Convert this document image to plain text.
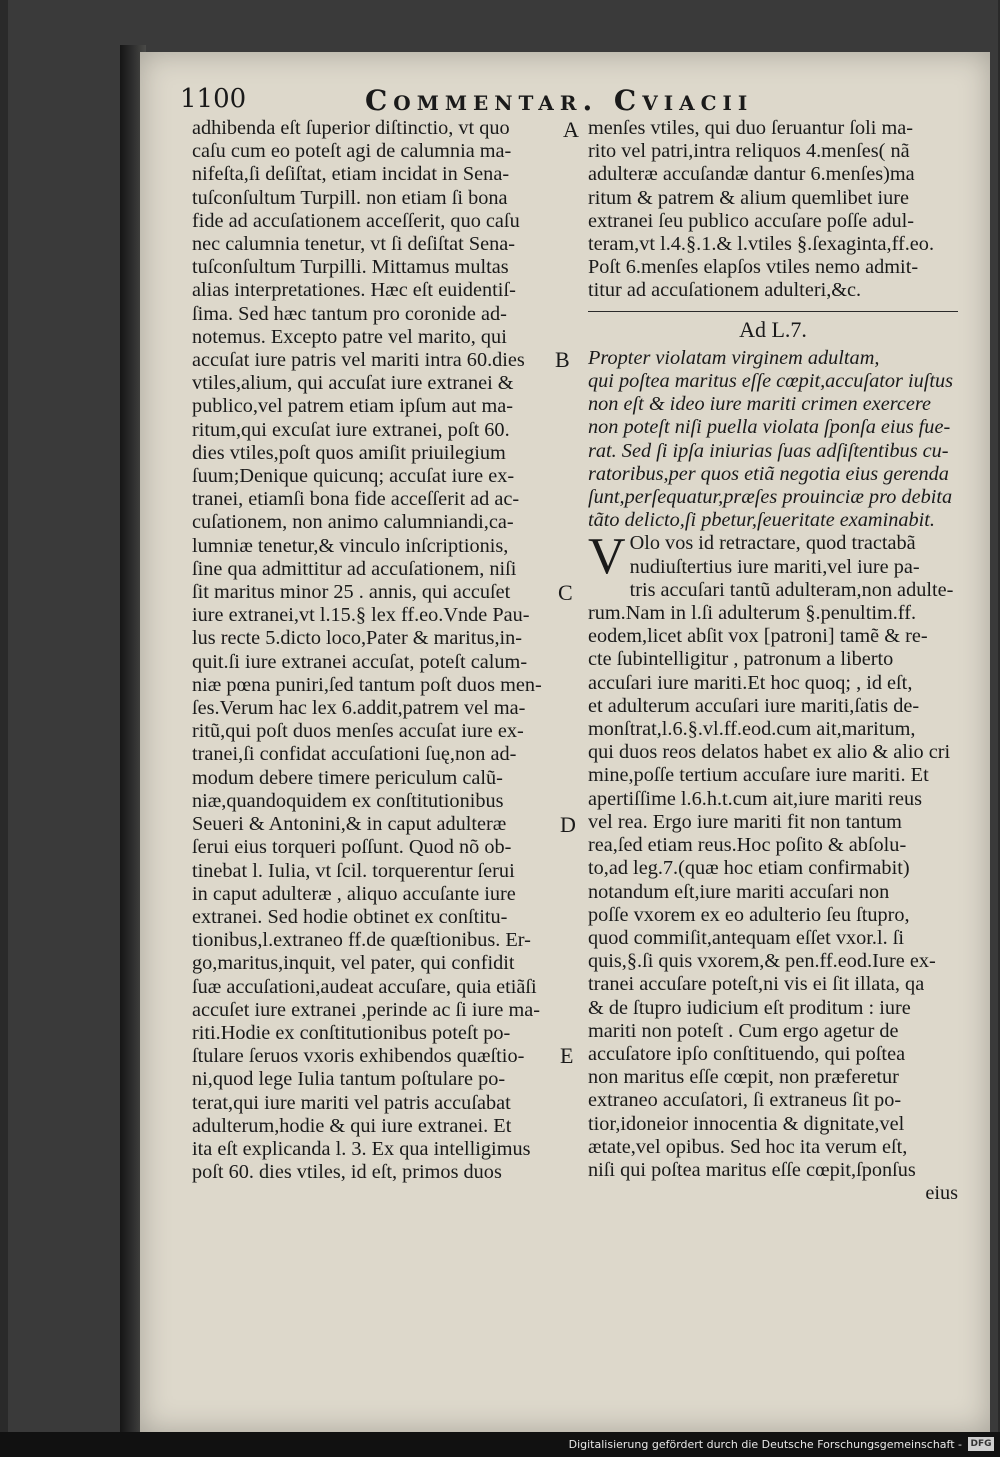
1100	Commentar. Cviacii

adhibenda eſt ſuperior diſtinctio, vt quo

caſu cum eo poteſt agi de calumnia ma-

nifeſta,ſi deſiſtat, etiam incidat in Sena-

tuſconſultum Turpill. non etiam ſi bona

fide ad accuſationem acceſſerit, quo caſu

nec calumnia tenetur, vt ſi deſiſtat Sena-

tuſconſultum Turpilli. Mittamus multas

alias interpretationes. Hæc eſt euidentiſ-

ſima. Sed hæc tantum pro coronide ad-

notemus. Excepto patre vel marito, qui

accuſat iure patris vel mariti intra 60.dies

vtiles,alium, qui accuſat iure extranei &

publico,vel patrem etiam ipſum aut ma-

ritum,qui excuſat iure extranei, poſt 60.

dies vtiles,poſt quos amiſit priuilegium

ſuum;Denique quicunq; accuſat iure ex-

tranei, etiamſi bona fide acceſſerit ad ac-

cuſationem, non animo calumniandi,ca-

lumniæ tenetur,& vinculo inſcriptionis,

ſine qua admittitur ad accuſationem, niſi

ſit maritus minor 25 . annis, qui accuſet

iure extranei,vt l.15.§ lex ff.eo.Vnde Pau-

lus recte 5.dicto loco,Pater & maritus,in-

quit.ſi iure extranei accuſat, poteſt calum-

niæ pœna puniri,ſed tantum poſt duos men-

ſes.Verum hac lex 6.addit,patrem vel ma-

ritũ,qui poſt duos menſes accuſat iure ex-

tranei,ſi confidat accuſationi ſuę,non ad-

modum debere timere periculum calũ-

niæ,quandoquidem ex conſtitutionibus

Seueri & Antonini,& in caput adulteræ

ſerui eius torqueri poſſunt. Quod nõ ob-

tinebat l. Iulia, vt ſcil. torquerentur ſerui

in caput adulteræ , aliquo accuſante iure

extranei. Sed hodie obtinet ex conſtitu-

tionibus,l.extraneo ff.de quæſtionibus. Er-

go,maritus,inquit, vel pater, qui confidit

ſuæ accuſationi,audeat accuſare, quia etiãſi

accuſet iure extranei ,perinde ac ſi iure ma-

riti.Hodie ex conſtitutionibus poteſt po-

ſtulare ſeruos vxoris exhibendos quæſtio-

ni,quod lege Iulia tantum poſtulare po-

terat,qui iure mariti vel patris accuſabat

adulterum,hodie & qui iure extranei. Et

ita eſt explicanda l. 3. Ex qua intelligimus

poſt 60. dies vtiles, id eſt, primos duos

menſes vtiles, qui duo ſeruantur ſoli ma-

rito vel patri,intra reliquos 4.menſes( nã

adulteræ accuſandæ dantur 6.menſes)ma

ritum & patrem & alium quemlibet iure

extranei ſeu publico accuſare poſſe adul-

teram,vt l.4.§.1.& l.vtiles §.ſexaginta,ff.eo.

Poſt 6.menſes elapſos vtiles nemo admit-

titur ad accuſationem adulteri,&c.

Ad L.7.

Propter violatam virginem adultam,

qui poſtea maritus eſſe cœpit,accuſator iuſtus

non eſt & ideo iure mariti crimen exercere

non poteſt niſi puella violata ſponſa eius fue-

rat. Sed ſi ipſa iniurias ſuas adſiſtentibus cu-

ratoribus,per quos etiã negotia eius gerenda

ſunt,perſequatur,præſes prouinciæ pro debita

tãto delicto,ſi pbetur,ſeueritate examinabit.

V Olo vos id retractare, quod tractabã

nudiuſtertius iure mariti,vel iure pa-

tris accuſari tantũ adulteram,non adulte-

rum.Nam in l.ſi adulterum §.penultim.ff.

eodem,licet abſit vox [patroni] tamẽ & re-

cte ſubintelligitur , patronum a liberto

accuſari iure mariti.Et hoc quoq; , id eſt,

et adulterum accuſari iure mariti,ſatis de-

monſtrat,l.6.§.vl.ff.eod.cum ait,maritum,

qui duos reos delatos habet ex alio & alio cri

mine,poſſe tertium accuſare iure mariti. Et

apertiſſime l.6.h.t.cum ait,iure mariti reus

vel rea. Ergo iure mariti fit non tantum

rea,ſed etiam reus.Hoc poſito & abſolu-

to,ad leg.7.(quæ hoc etiam confirmabit)

notandum eſt,iure mariti accuſari non

poſſe vxorem ex eo adulterio ſeu ſtupro,

quod commiſit,antequam eſſet vxor.l. ſi

quis,§.ſi quis vxorem,& pen.ff.eod.Iure ex-

tranei accuſare poteſt,ni vis ei ſit illata, qa

& de ſtupro iudicium eſt proditum : iure

mariti non poteſt . Cum ergo agetur de

accuſatore ipſo conſtituendo, qui poſtea

non maritus eſſe cœpit, non præferetur

extraneo accuſatori, ſi extraneus ſit po-

tior,idoneior innocentia & dignitate,vel

ætate,vel opibus. Sed hoc ita verum eſt,

niſi qui poſtea maritus eſſe cœpit,ſponſus

eius

A
B
C
D
E
Digitalisierung gefördert durch die Deutsche Forschungsgemeinschaft - DFG
